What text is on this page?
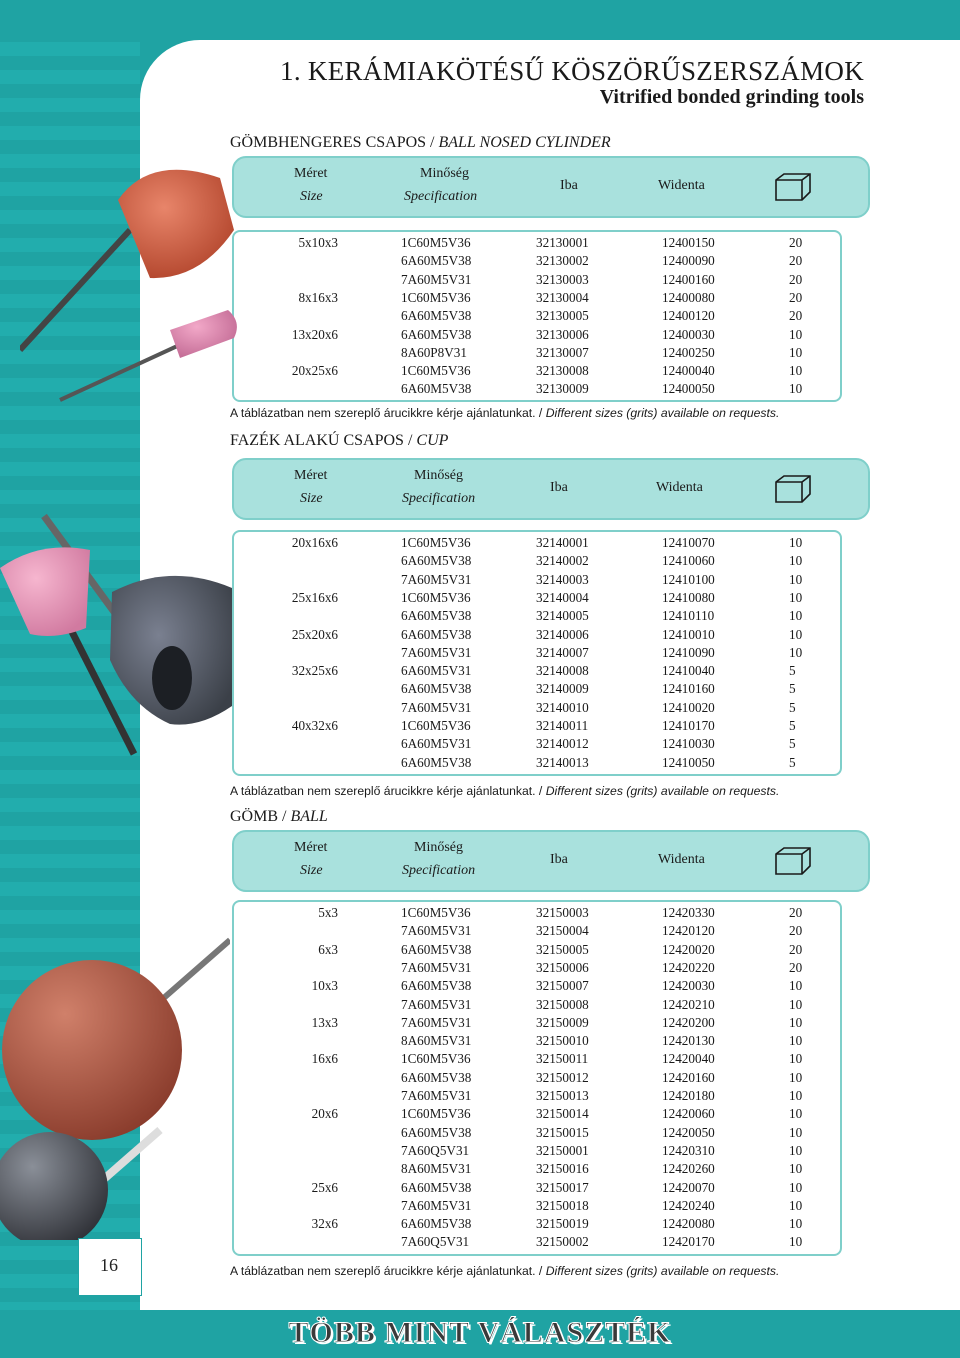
1. KERÁMIAKÖTÉSŰ KÖSZÖRŰSZERSZÁMOK
Vitrified bonded grinding tools
GÖMBHENGERES CSAPOS / BALL NOSED CYLINDER
Méret
Size
Minőség
Specification
Iba	Widenta
5x10x3	1C60M5V36	32130001	12400150	20
6A60M5V38	32130002	12400090	20
7A60M5V31	32130003	12400160	20
8x16x3	1C60M5V36	32130004	12400080	20
6A60M5V38	32130005	12400120	20
13x20x6	6A60M5V38	32130006	12400030	10
8A60P8V31	32130007	12400250	10
20x25x6	1C60M5V36	32130008	12400040	10
6A60M5V38	32130009	12400050	10
A táblázatban nem szereplő árucikkre kérje ajánlatunkat. / Different sizes (grits) available on requests.
FAZÉK ALAKÚ CSAPOS / CUP
Méret
Size
Minőség
Specification
Iba	Widenta
20x16x6	1C60M5V36	32140001	12410070	10
6A60M5V38	32140002	12410060	10
7A60M5V31	32140003	12410100	10
25x16x6	1C60M5V36	32140004	12410080	10
6A60M5V38	32140005	12410110	10
25x20x6	6A60M5V38	32140006	12410010	10
7A60M5V31	32140007	12410090	10
32x25x6	6A60M5V31	32140008	12410040	5
6A60M5V38	32140009	12410160	5
7A60M5V31	32140010	12410020	5
40x32x6	1C60M5V36	32140011	12410170	5
6A60M5V31	32140012	12410030	5
6A60M5V38	32140013	12410050	5
A táblázatban nem szereplő árucikkre kérje ajánlatunkat. / Different sizes (grits) available on requests.
GÖMB / BALL
Méret
Size
Minőség
Specification
Iba	Widenta
5x3	1C60M5V36	32150003	12420330	20
7A60M5V31	32150004	12420120	20
6x3	6A60M5V38	32150005	12420020	20
7A60M5V31	32150006	12420220	20
10x3	6A60M5V38	32150007	12420030	10
7A60M5V31	32150008	12420210	10
13x3	7A60M5V31	32150009	12420200	10
8A60M5V31	32150010	12420130	10
16x6	1C60M5V36	32150011	12420040	10
6A60M5V38	32150012	12420160	10
7A60M5V31	32150013	12420180	10
20x6	1C60M5V36	32150014	12420060	10
6A60M5V38	32150015	12420050	10
7A60Q5V31	32150001	12420310	10
8A60M5V31	32150016	12420260	10
25x6	6A60M5V38	32150017	12420070	10
7A60M5V31	32150018	12420240	10
32x6	6A60M5V38	32150019	12420080	10
7A60Q5V31	32150002	12420170	10
A táblázatban nem szereplő árucikkre kérje ajánlatunkat. / Different sizes (grits) available on requests.
TÖBB MINT VÁLASZTÉK
16
